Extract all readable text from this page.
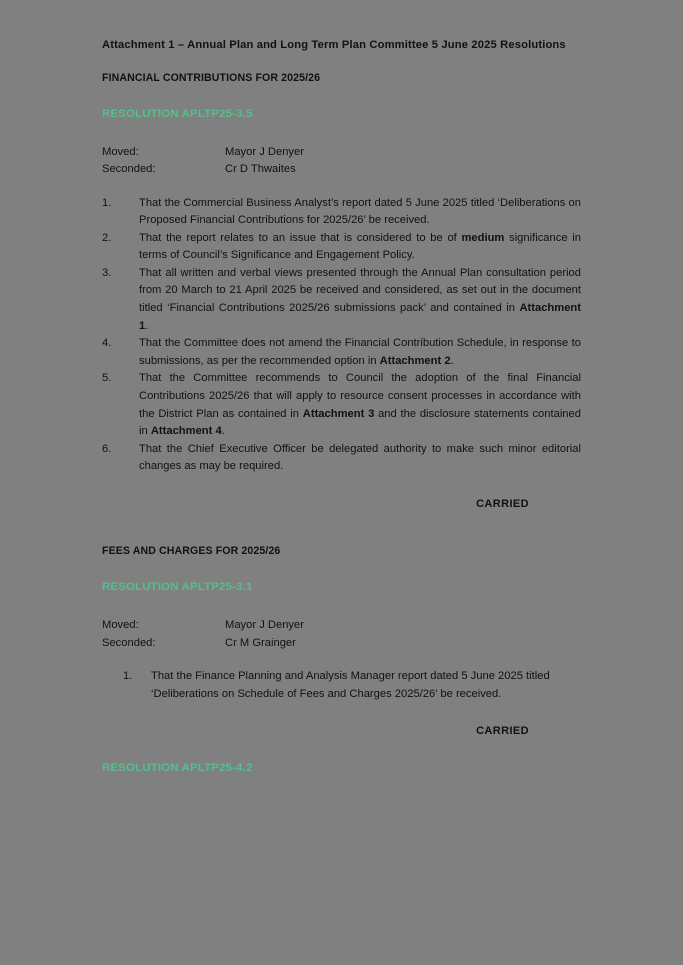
Attachment 1 – Annual Plan and Long Term Plan Committee 5 June 2025 Resolutions
FINANCIAL CONTRIBUTIONS FOR 2025/26
RESOLUTION APLTP25-3.5
Moved:	Mayor J Denyer
Seconded:	Cr D Thwaites
1.	That the Commercial Business Analyst’s report dated 5 June 2025 titled ‘Deliberations on Proposed Financial Contributions for 2025/26’ be received.
2.	That the report relates to an issue that is considered to be of medium significance in terms of Council’s Significance and Engagement Policy.
3.	That all written and verbal views presented through the Annual Plan consultation period from 20 March to 21 April 2025 be received and considered, as set out in the document titled ‘Financial Contributions 2025/26 submissions pack’ and contained in Attachment 1.
4.	That the Committee does not amend the Financial Contribution Schedule, in response to submissions, as per the recommended option in Attachment 2.
5.	That the Committee recommends to Council the adoption of the final Financial Contributions 2025/26 that will apply to resource consent processes in accordance with the District Plan as contained in Attachment 3 and the disclosure statements contained in Attachment 4.
6.	That the Chief Executive Officer be delegated authority to make such minor editorial changes as may be required.
CARRIED
FEES AND CHARGES FOR 2025/26
RESOLUTION APLTP25-3.1
Moved:	Mayor J Denyer
Seconded:	Cr M Grainger
1.	That the Finance Planning and Analysis Manager report dated 5 June 2025 titled ‘Deliberations on Schedule of Fees and Charges 2025/26’ be received.
CARRIED
RESOLUTION APLTP25-4.2
